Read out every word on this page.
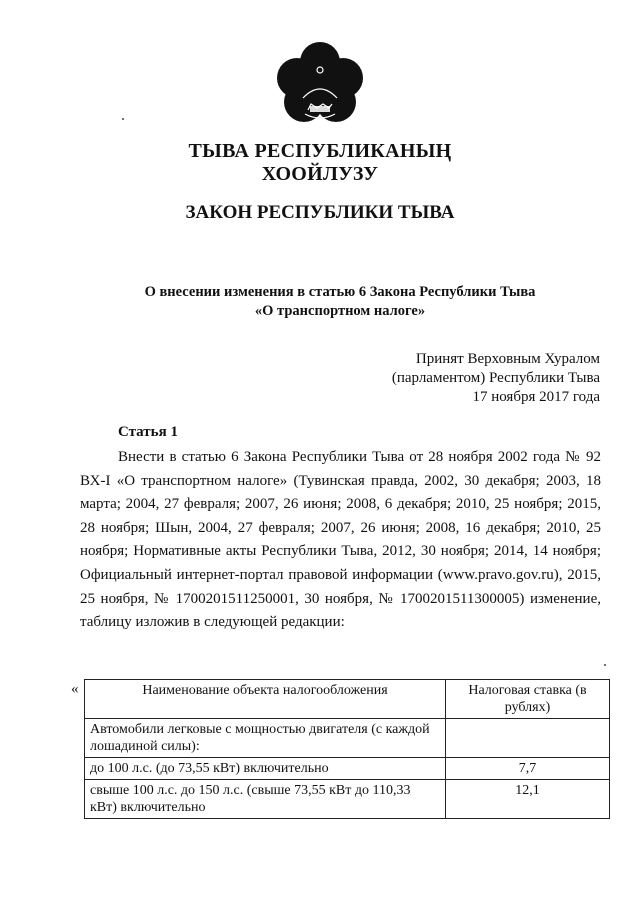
ТЫВА РЕСПУБЛИКАНЫҢ
ХООЙЛУЗУ
ЗАКОН РЕСПУБЛИКИ ТЫВА
О внесении изменения в статью 6 Закона Республики Тыва
«О транспортном налоге»
Принят Верховным Хуралом
(парламентом) Республики Тыва
17 ноября 2017 года
Статья 1

Внести в статью 6 Закона Республики Тыва от 28 ноября 2002 года № 92 ВХ-I «О транспортном налоге» (Тувинская правда, 2002, 30 декабря; 2003, 18 марта; 2004, 27 февраля; 2007, 26 июня; 2008, 6 декабря; 2010, 25 ноября; 2015, 28 ноября; Шын, 2004, 27 февраля; 2007, 26 июня; 2008, 16 декабря; 2010, 25 ноября; Нормативные акты Республики Тыва, 2012, 30 ноября; 2014, 14 ноября; Официальный интернет-портал правовой информации (www.pravo.gov.ru), 2015, 25 ноября, № 1700201511250001, 30 ноября, № 1700201511300005) изменение, таблицу изложив в следующей редакции:

«	Наименование объекта налогообложения	Налоговая ставка (в рублях)
Автомобили легковые с мощностью двигателя (с каждой лошадиной силы):	
до 100 л.с. (до 73,55 кВт) включительно	7,7
свыше 100 л.с. до 150 л.с. (свыше 73,55 кВт до 110,33 кВт) включительно	12,1
